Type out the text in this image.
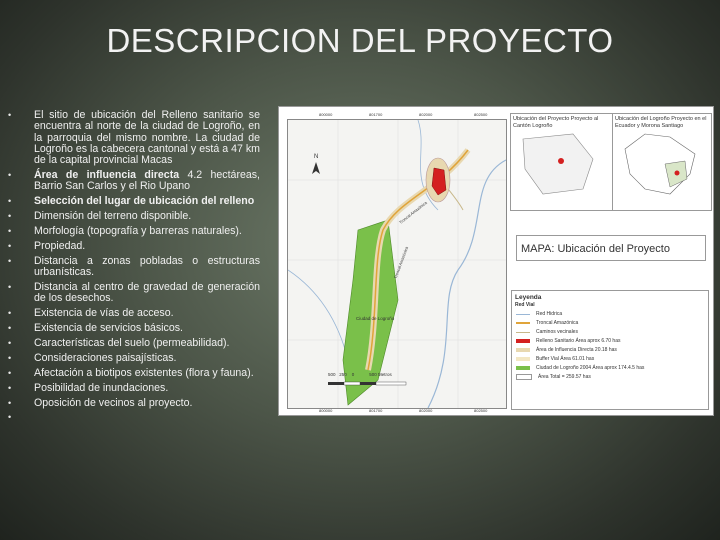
DESCRIPCION DEL PROYECTO
• El sitio de ubicación del Relleno sanitario se encuentra al norte de la ciudad de Logroño, en la parroquia del mismo nombre. La ciudad de Logroño es la cabecera cantonal y está a 47 km de la capital provincial Macas
• Área de influencia directa 4.2 hectáreas, Barrio San Carlos y el Rio Upano
• Selección del lugar de ubicación del relleno
• Dimensión del terreno disponible.
• Morfología (topografía y barreras naturales).
• Propiedad.
• Distancia a zonas pobladas o estructuras urbanísticas.
• Distancia al centro de gravedad de generación de los desechos.
• Existencia de vías de acceso.
• Existencia de servicios básicos.
• Características del suelo (permeabilidad).
• Consideraciones paisajísticas.
• Afectación a biotipos existentes (flora y fauna).
• Posibilidad de inundaciones.
• Oposición de vecinos al proyecto.
•
N
Ciudad de Logroño
Troncal Amazónica
Troncal Amazónica
500   250    0            500 Metros
800000	801700	802000	802500
800000	801700	802000	802500
Ubicación del Proyecto Proyecto al Cantón Logroño
Ubicación del Logroño Proyecto en el Ecuador y Morona Santiago
MAPA: Ubicación del Proyecto
Leyenda
Red Vial
Red Hidrica
Troncal Amazónica
Caminos vecinales
Relleno Sanitario Área aprox 6.70 has
Área de Influencia Directa 20.18 has
Buffer Vial Área 61.01 has
Ciudad de Logroño 2004 Área aprox 174.4.5 has
Área Total = 259.57 has
